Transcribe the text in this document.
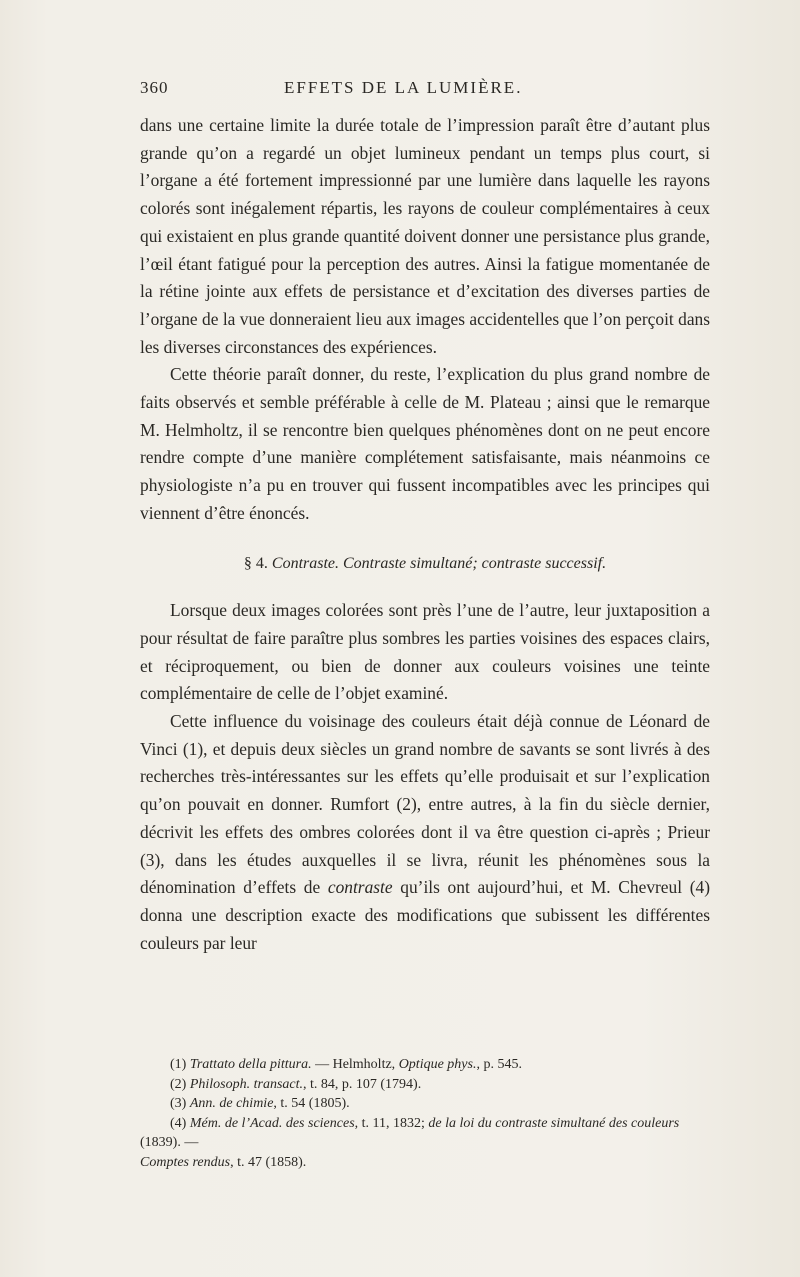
360	EFFETS DE LA LUMIÈRE.

dans une certaine limite la durée totale de l’impression paraît être d’autant plus grande qu’on a regardé un objet lumineux pendant un temps plus court, si l’organe a été fortement impressionné par une lumière dans laquelle les rayons colorés sont inégalement répartis, les rayons de couleur complémentaires à ceux qui existaient en plus grande quantité doivent donner une persistance plus grande, l’œil étant fatigué pour la perception des autres. Ainsi la fatigue momentanée de la rétine jointe aux effets de persistance et d’excitation des diverses parties de l’organe de la vue donneraient lieu aux images accidentelles que l’on perçoit dans les diverses circonstances des expériences.

Cette théorie paraît donner, du reste, l’explication du plus grand nombre de faits observés et semble préférable à celle de M. Plateau ; ainsi que le remarque M. Helmholtz, il se rencontre bien quelques phénomènes dont on ne peut encore rendre compte d’une manière complétement satisfaisante, mais néanmoins ce physiologiste n’a pu en trouver qui fussent incompatibles avec les principes qui viennent d’être énoncés.

§ 4. Contraste. Contraste simultané; contraste successif.

Lorsque deux images colorées sont près l’une de l’autre, leur juxtaposition a pour résultat de faire paraître plus sombres les parties voisines des espaces clairs, et réciproquement, ou bien de donner aux couleurs voisines une teinte complémentaire de celle de l’objet examiné.

Cette influence du voisinage des couleurs était déjà connue de Léonard de Vinci (1), et depuis deux siècles un grand nombre de savants se sont livrés à des recherches très-intéressantes sur les effets qu’elle produisait et sur l’explication qu’on pouvait en donner. Rumfort (2), entre autres, à la fin du siècle dernier, décrivit les effets des ombres colorées dont il va être question ci-après ; Prieur (3), dans les études auxquelles il se livra, réunit les phénomènes sous la dénomination d’effets de contraste qu’ils ont aujourd’hui, et M. Chevreul (4) donna une description exacte des modifications que subissent les différentes couleurs par leur

(1) Trattato della pittura. — Helmholtz, Optique phys., p. 545.

(2) Philosoph. transact., t. 84, p. 107 (1794).

(3) Ann. de chimie, t. 54 (1805).

(4) Mém. de l’Acad. des sciences, t. 11, 1832; de la loi du contraste simultané des couleurs (1839). —

Comptes rendus, t. 47 (1858).
